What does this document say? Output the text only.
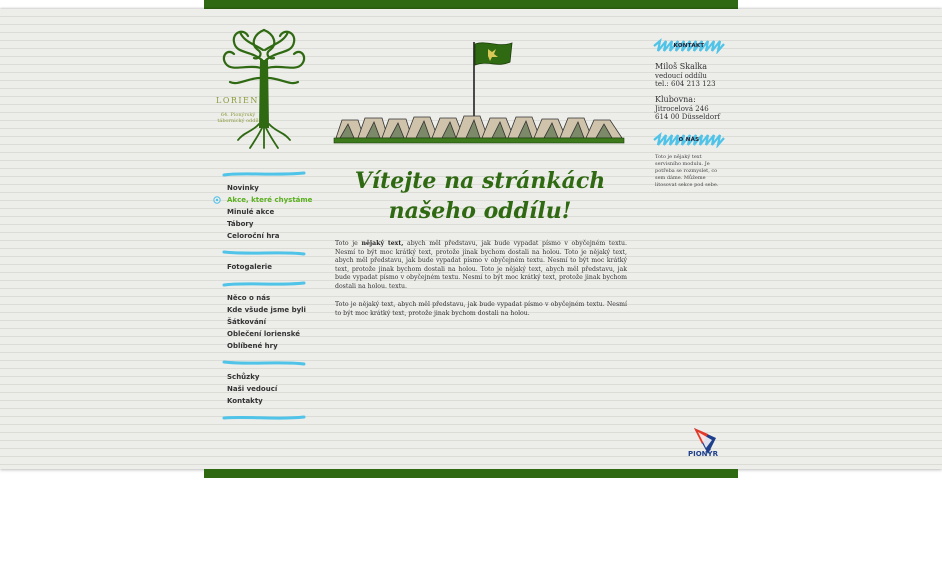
LORIEN
64. Pionýrský tábornický oddíl
Novinky
Akce, které chystáme
Minulé akce
Tábory
Celoroční hra
Fotogalerie
Něco o nás
Kde všude jsme byli
Šátkování
Oblečení lorienské
Oblíbené hry
Schůzky
Naši vedoucí
Kontakty
Vítejte na stránkách
našeho oddílu!

Toto je nějaký text, abych měl představu, jak bude vypadat písmo v obyčejném textu. Nesmí to být moc krátký text, protože jinak bychom dostali na holou. Toto je nějaký text, abych měl představu, jak bude vypadat písmo v obyčejném textu. Nesmí to být moc krátký text, protože jinak bychom dostali na holou. Toto je nějaký text, abych měl představu, jak bude vypadat písmo v obyčejném textu. Nesmí to být moc krátký text, protože jinak bychom dostali na holou. textu.

Toto je nějaký text, abych měl představu, jak bude vypadat písmo v obyčejném textu. Nesmí to být moc krátký text, protože jinak bychom dostali na holou.

KONTAKT
Miloš Skalka
vedoucí oddílu
tel.: 604 213 123
Klubovna:
Jitrocelová 246
614 00 Düsseldorf
O NÁS
Toto je nějaký text servisního modulu. Je potřeba se rozmyslet, co sem dáme. Můžeme litosovat sekce pod sebe.
PIONÝR
